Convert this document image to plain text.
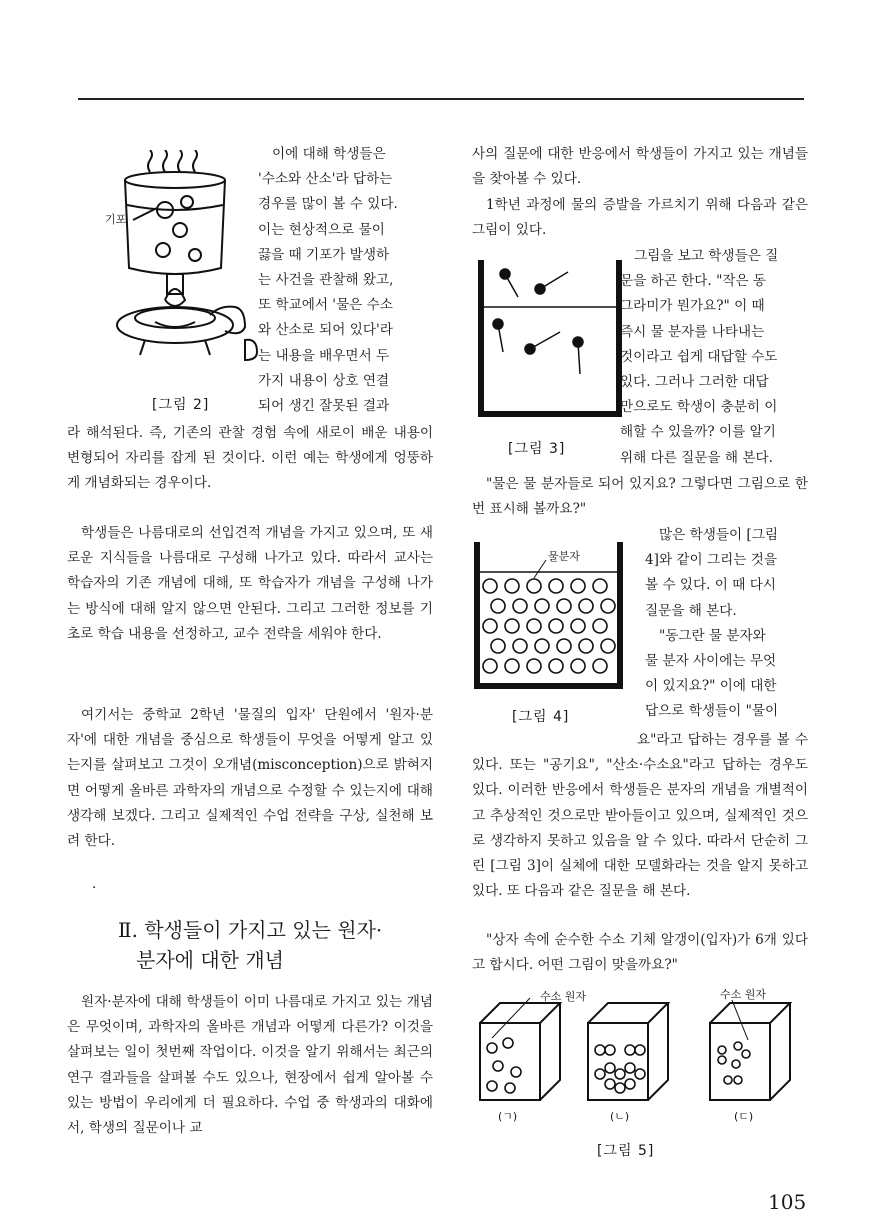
기포
[그림 2]
이에 대해 학생들은
'수소와 산소'라 답하는
경우를 많이 볼 수 있다.
이는 현상적으로 물이
끓을 때 기포가 발생하
는 사건을 관찰해 왔고,
또 학교에서 '물은 수소
와 산소로 되어 있다'라
는 내용을 배우면서 두
가지 내용이 상호 연결
되어 생긴 잘못된 결과

라 해석된다. 즉, 기존의 관찰 경험 속에 새로이 배운 내용이 변형되어 자리를 잡게 된 것이다. 이런 예는 학생에게 엉뚱하게 개념화되는 경우이다.

학생들은 나름대로의 선입견적 개념을 가지고 있으며, 또 새로운 지식들을 나름대로 구성해 나가고 있다. 따라서 교사는 학습자의 기존 개념에 대해, 또 학습자가 개념을 구성해 나가는 방식에 대해 알지 않으면 안된다. 그리고 그러한 정보를 기초로 학습 내용을 선정하고, 교수 전략을 세워야 한다.

여기서는 중학교 2학년 '물질의 입자' 단원에서 '원자·분자'에 대한 개념을 중심으로 학생들이 무엇을 어떻게 알고 있는지를 살펴보고 그것이 오개념(misconception)으로 밝혀지면 어떻게 올바른 과학자의 개념으로 수정할 수 있는지에 대해 생각해 보겠다. 그리고 실제적인 수업 전략을 구상, 실천해 보려 한다.

·
Ⅱ. 학생들이 가지고 있는 원자·
분자에 대한 개념

원자·분자에 대해 학생들이 이미 나름대로 가지고 있는 개념은 무엇이며, 과학자의 올바른 개념과 어떻게 다른가? 이것을 살펴보는 일이 첫번째 작업이다. 이것을 알기 위해서는 최근의 연구 결과들을 살펴볼 수도 있으나, 현장에서 쉽게 알아볼 수 있는 방법이 우리에게 더 필요하다. 수업 중 학생과의 대화에서, 학생의 질문이나 교

사의 질문에 대한 반응에서 학생들이 가지고 있는 개념들을 찾아볼 수 있다.

1학년 과정에 물의 증발을 가르치기 위해 다음과 같은 그림이 있다.

[그림 3]
그림을 보고 학생들은 질
문을 하곤 한다. "작은 동
그라미가 뭔가요?" 이 때
즉시 물 분자를 나타내는
것이라고 쉽게 대답할 수도
있다. 그러나 그러한 대답
만으로도 학생이 충분히 이
해할 수 있을까? 이를 알기
위해 다른 질문을 해 본다.

"물은 물 분자들로 되어 있지요? 그렇다면 그림으로 한번 표시해 볼까요?"

물분자
[그림 4]
많은 학생들이 [그림
4]와 같이 그리는 것을
볼 수 있다. 이 때 다시
질문을 해 본다.
"동그란 물 분자와
물 분자 사이에는 무엇
이 있지요?" 이에 대한
답으로 학생들이 "물이

요"라고 답하는 경우를 볼 수 있다. 또는 "공기요", "산소·수소요"라고 답하는 경우도 있다. 이러한 반응에서 학생들은 분자의 개념을 개별적이고 추상적인 것으로만 받아들이고 있으며, 실제적인 것으로 생각하지 못하고 있음을 알 수 있다. 따라서 단순히 그린 [그림 3]이 실체에 대한 모델화라는 것을 알지 못하고 있다. 또 다음과 같은 질문을 해 본다.

"상자 속에 순수한 수소 기체 알갱이(입자)가 6개 있다고 합시다. 어떤 그림이 맞을까요?"

수소 원자	수소 원자
(ㄱ)	(ㄴ)	(ㄷ)
[그림 5]
105
